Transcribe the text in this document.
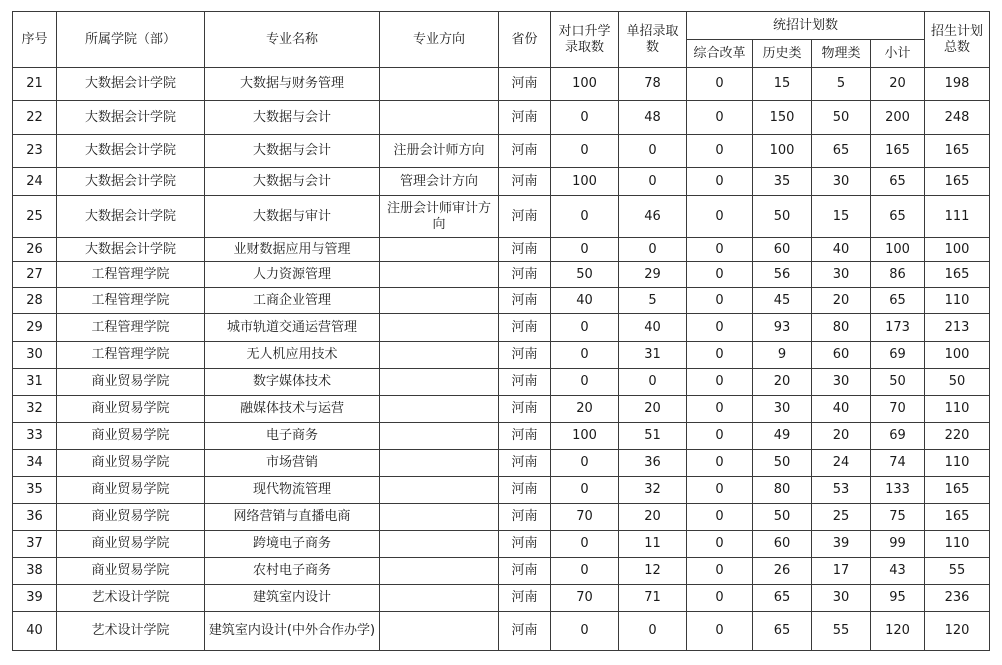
序号	所属学院（部）	专业名称	专业方向	省份	对口升学录取数	单招录取数	统招计划数				招生计划总数
							综合改革	历史类	物理类	小计	
21	大数据会计学院	大数据与财务管理		河南	100	78	0	15	5	20	198
22	大数据会计学院	大数据与会计		河南	0	48	0	150	50	200	248
23	大数据会计学院	大数据与会计	注册会计师方向	河南	0	0	0	100	65	165	165
24	大数据会计学院	大数据与会计	管理会计方向	河南	100	0	0	35	30	65	165
25	大数据会计学院	大数据与审计	注册会计师审计方向	河南	0	46	0	50	15	65	111
26	大数据会计学院	业财数据应用与管理		河南	0	0	0	60	40	100	100
27	工程管理学院	人力资源管理		河南	50	29	0	56	30	86	165
28	工程管理学院	工商企业管理		河南	40	5	0	45	20	65	110
29	工程管理学院	城市轨道交通运营管理		河南	0	40	0	93	80	173	213
30	工程管理学院	无人机应用技术		河南	0	31	0	9	60	69	100
31	商业贸易学院	数字媒体技术		河南	0	0	0	20	30	50	50
32	商业贸易学院	融媒体技术与运营		河南	20	20	0	30	40	70	110
33	商业贸易学院	电子商务		河南	100	51	0	49	20	69	220
34	商业贸易学院	市场营销		河南	0	36	0	50	24	74	110
35	商业贸易学院	现代物流管理		河南	0	32	0	80	53	133	165
36	商业贸易学院	网络营销与直播电商		河南	70	20	0	50	25	75	165
37	商业贸易学院	跨境电子商务		河南	0	11	0	60	39	99	110
38	商业贸易学院	农村电子商务		河南	0	12	0	26	17	43	55
39	艺术设计学院	建筑室内设计		河南	70	71	0	65	30	95	236
40	艺术设计学院	建筑室内设计(中外合作办学)		河南	0	0	0	65	55	120	120
